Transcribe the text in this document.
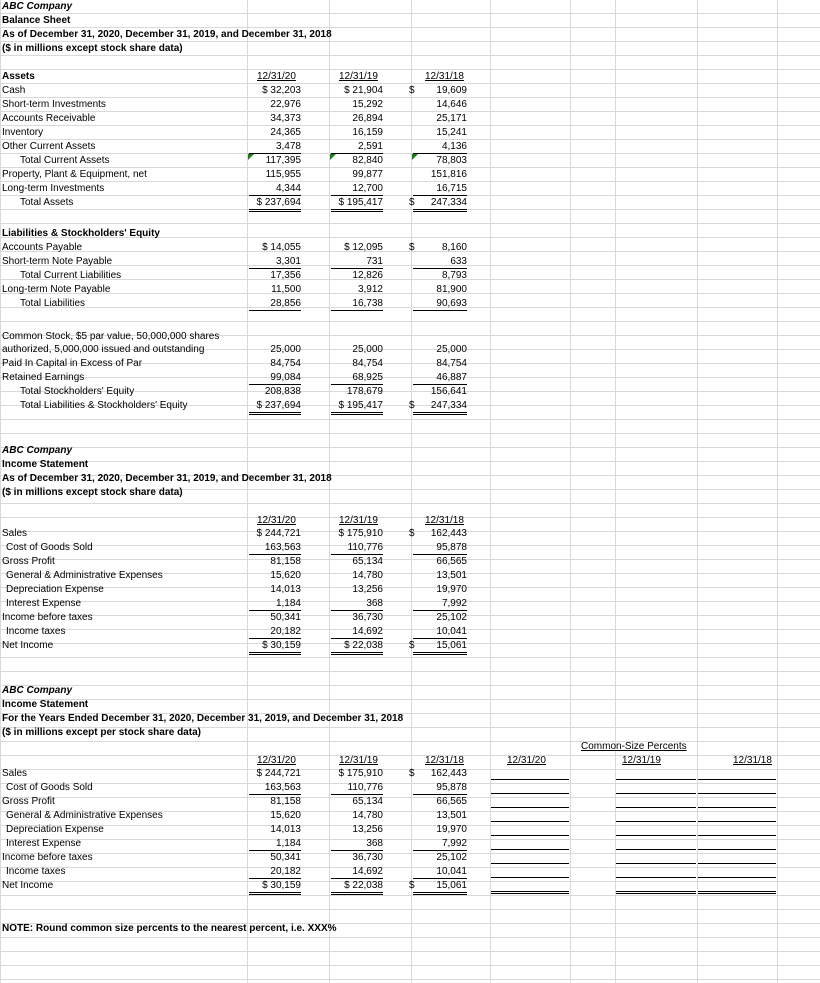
ABC Company
Balance Sheet
As of December 31, 2020, December 31, 2019, and December 31, 2018
($ in millions except stock share data)
Assets	12/31/20	12/31/19	12/31/18
Cash	$ 32,203	$ 21,904	19,609
Short-term Investments	22,976	15,292	14,646
Accounts Receivable	34,373	26,894	25,171
Inventory	24,365	16,159	15,241
Other Current Assets	3,478	2,591	4,136
Total Current Assets	117,395	82,840	78,803
Property, Plant & Equipment, net	115,955	99,877	151,816
Long-term Investments	4,344	12,700	16,715
Total Assets	$ 237,694	$ 195,417	247,334
$
$
Liabilities & Stockholders' Equity
Accounts Payable	$ 14,055	$ 12,095	8,160
Short-term Note Payable	3,301	731	633
Total Current Liabilities	17,356	12,826	8,793
Long-term Note Payable	11,500	3,912	81,900
Total Liabilities	28,856	16,738	90,693
$
Common Stock, $5 par value, 50,000,000 shares
authorized, 5,000,000 issued and outstanding	25,000	25,000	25,000
Paid In Capital in Excess of Par	84,754	84,754	84,754
Retained Earnings	99,084	68,925	46,887
Total Stockholders' Equity	208,838	178,679	156,641
Total Liabilities & Stockholders' Equity	$ 237,694	$ 195,417	247,334
$
ABC Company
Income Statement
As of December 31, 2020, December 31, 2019, and December 31, 2018
($ in millions except stock share data)
12/31/20	12/31/19	12/31/18
Sales	$ 244,721	$ 175,910	162,443
Cost of Goods Sold	163,563	110,776	95,878
Gross Profit	81,158	65,134	66,565
General & Administrative Expenses	15,620	14,780	13,501
Depreciation Expense	14,013	13,256	19,970
Interest Expense	1,184	368	7,992
Income before taxes	50,341	36,730	25,102
Income taxes	20,182	14,692	10,041
Net Income	$ 30,159	$ 22,038	15,061
$
$
ABC Company
Income Statement
For the Years Ended December 31, 2020, December 31, 2019, and December 31, 2018
($ in millions except per stock share data)
Common-Size Percents
12/31/20	12/31/19	12/31/18	12/31/20	12/31/19	12/31/18
Sales	$ 244,721	$ 175,910	162,443
Cost of Goods Sold	163,563	110,776	95,878
Gross Profit	81,158	65,134	66,565
General & Administrative Expenses	15,620	14,780	13,501
Depreciation Expense	14,013	13,256	19,970
Interest Expense	1,184	368	7,992
Income before taxes	50,341	36,730	25,102
Income taxes	20,182	14,692	10,041
Net Income	$ 30,159	$ 22,038	15,061
$
$
NOTE: Round common size percents to the nearest percent, i.e. XXX%
